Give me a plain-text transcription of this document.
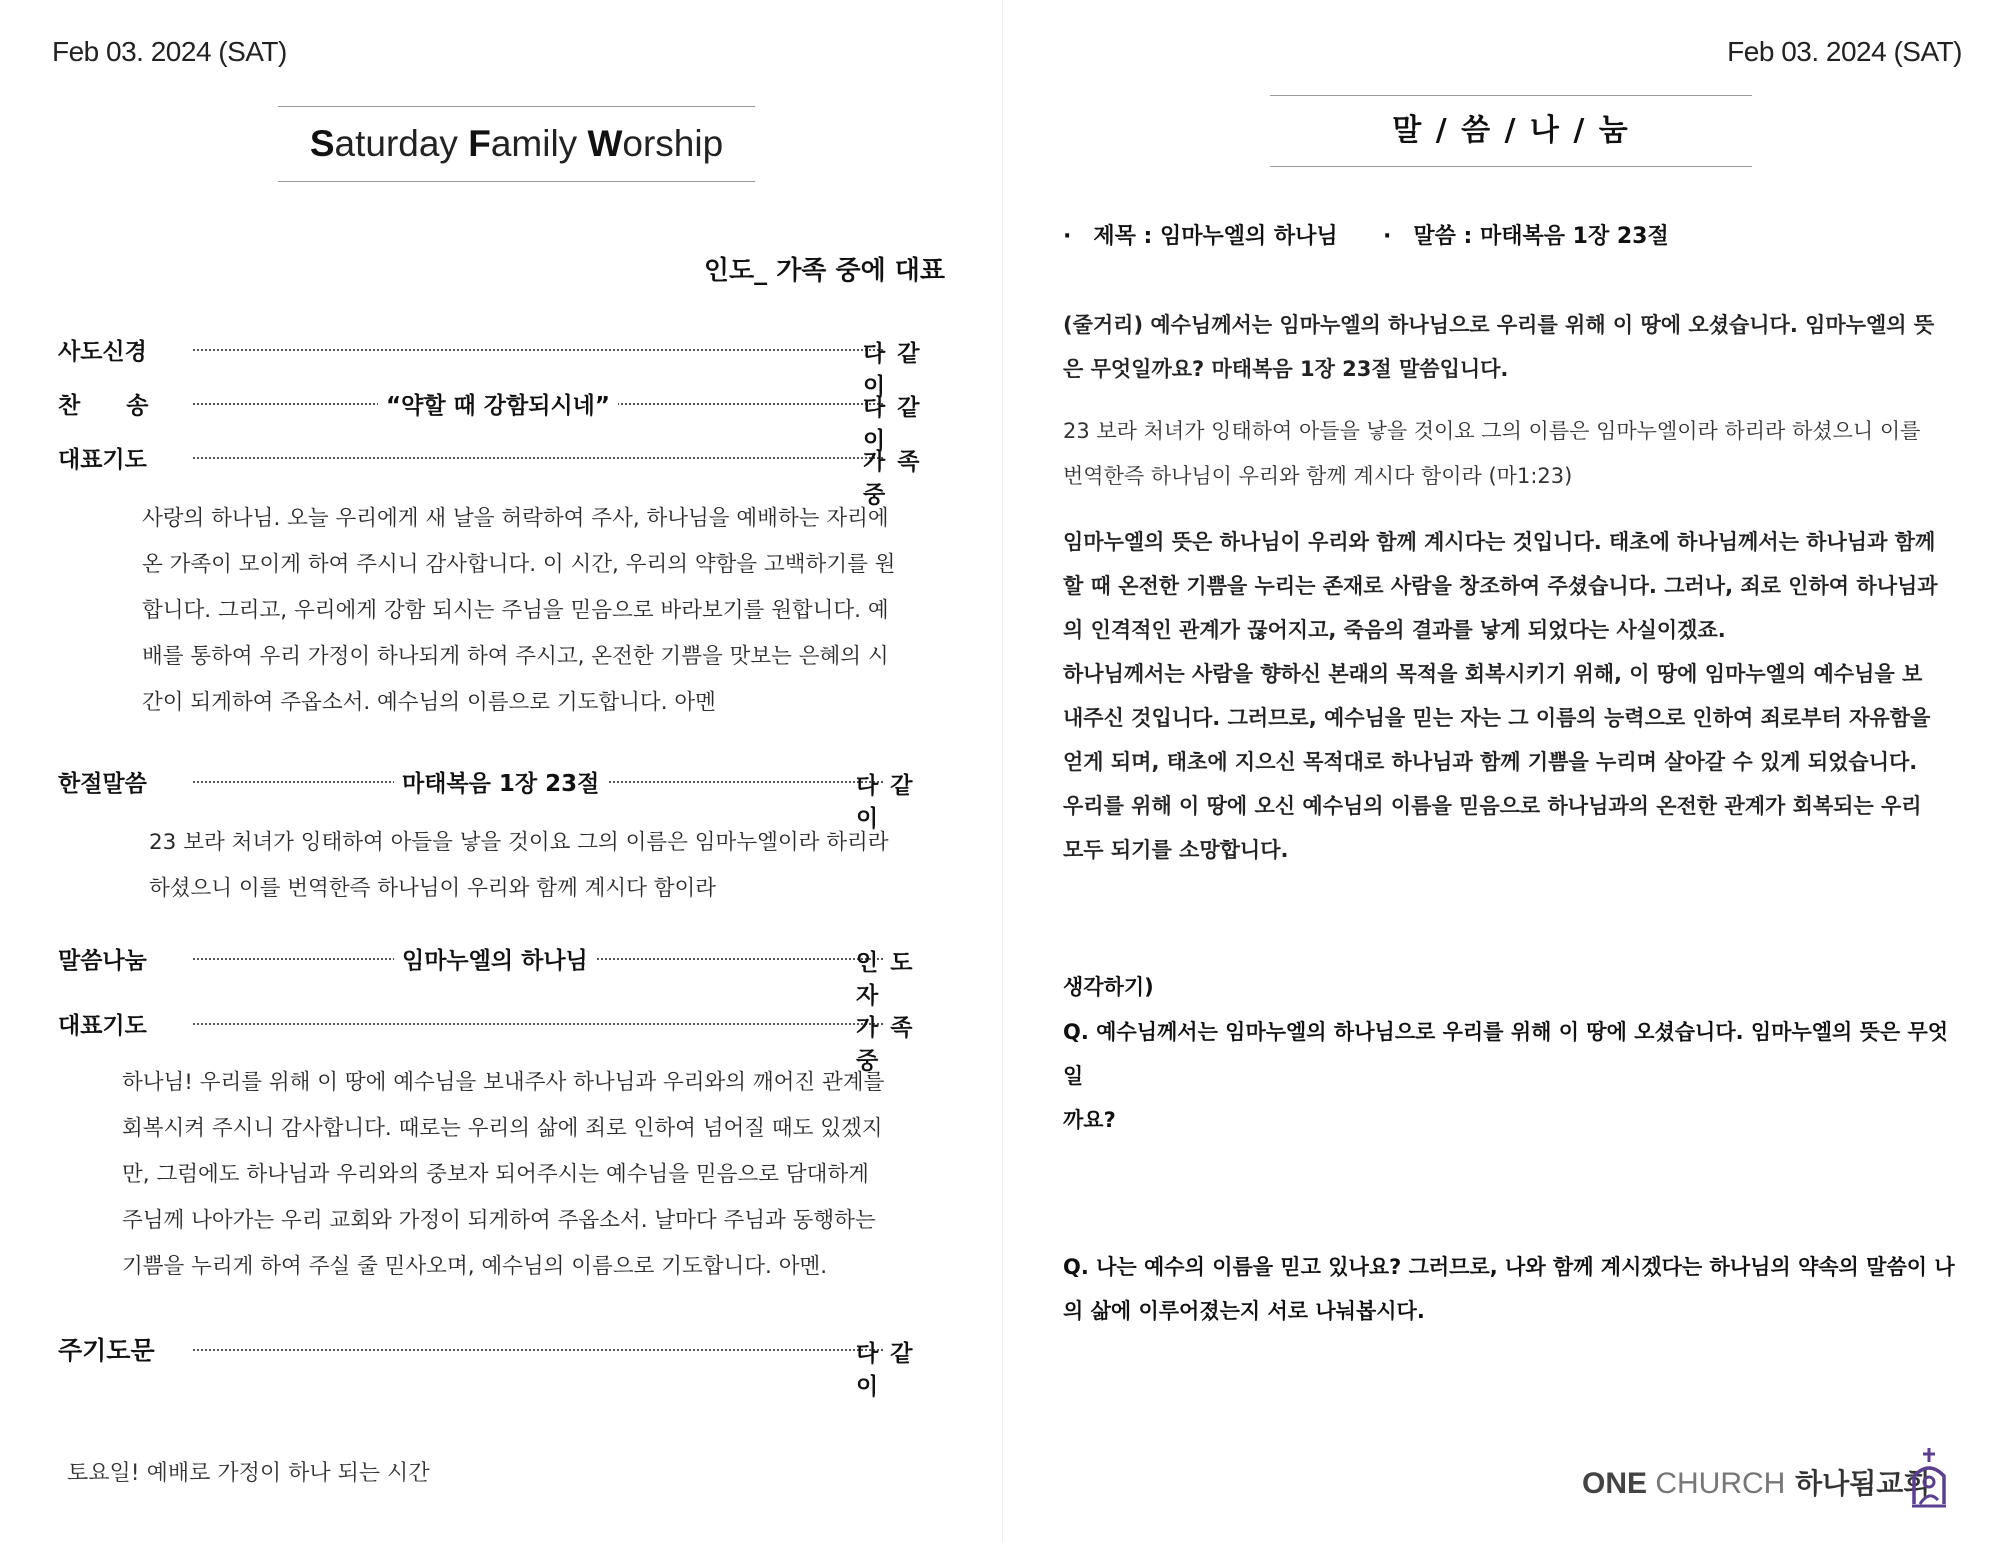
Feb 03. 2024 (SAT)
Saturday Family Worship
인도_ 가족 중에 대표
사도신경	다 같 이
찬　　송	“약할 때 강함되시네”	다 같 이
대표기도	가 족 중
사랑의 하나님. 오늘 우리에게 새 날을 허락하여 주사, 하나님을 예배하는 자리에
온 가족이 모이게 하여 주시니 감사합니다. 이 시간, 우리의 약함을 고백하기를 원
합니다. 그리고, 우리에게 강함 되시는 주님을 믿음으로 바라보기를 원합니다. 예
배를 통하여 우리 가정이 하나되게 하여 주시고, 온전한 기쁨을 맛보는 은혜의 시
간이 되게하여 주옵소서. 예수님의 이름으로 기도합니다. 아멘
한절말씀	마태복음 1장 23절	다 같 이
23 보라 처녀가 잉태하여 아들을 낳을 것이요 그의 이름은 임마누엘이라 하리라
하셨으니 이를 번역한즉 하나님이 우리와 함께 계시다 함이라
말씀나눔	임마누엘의 하나님	인 도 자
대표기도	가 족 중
하나님! 우리를 위해 이 땅에 예수님을 보내주사 하나님과 우리와의 깨어진 관계를
회복시켜 주시니 감사합니다. 때로는 우리의 삶에 죄로 인하여 넘어질 때도 있겠지
만, 그럼에도 하나님과 우리와의 중보자 되어주시는 예수님을 믿음으로 담대하게
주님께 나아가는 우리 교회와 가정이 되게하여 주옵소서. 날마다 주님과 동행하는
기쁨을 누리게 하여 주실 줄 믿사오며, 예수님의 이름으로 기도합니다. 아멘.
주기도문	다 같 이
토요일! 예배로 가정이 하나 되는 시간
Feb 03. 2024 (SAT)
말 / 씀 / 나 / 눔
·　제목 : 임마누엘의 하나님 ·　말씀 : 마태복음 1장 23절
(줄거리) 예수님께서는 임마누엘의 하나님으로 우리를 위해 이 땅에 오셨습니다. 임마누엘의 뜻
은 무엇일까요? 마태복음 1장 23절 말씀입니다.
23 보라 처녀가 잉태하여 아들을 낳을 것이요 그의 이름은 임마누엘이라 하리라 하셨으니 이를
번역한즉 하나님이 우리와 함께 계시다 함이라 (마1:23)
임마누엘의 뜻은 하나님이 우리와 함께 계시다는 것입니다. 태초에 하나님께서는 하나님과 함께
할 때 온전한 기쁨을 누리는 존재로 사람을 창조하여 주셨습니다. 그러나, 죄로 인하여 하나님과
의 인격적인 관계가 끊어지고, 죽음의 결과를 낳게 되었다는 사실이겠죠.
하나님께서는 사람을 향하신 본래의 목적을 회복시키기 위해, 이 땅에 임마누엘의 예수님을 보
내주신 것입니다. 그러므로, 예수님을 믿는 자는 그 이름의 능력으로 인하여 죄로부터 자유함을
얻게 되며, 태초에 지으신 목적대로 하나님과 함께 기쁨을 누리며 살아갈 수 있게 되었습니다.
우리를 위해 이 땅에 오신 예수님의 이름을 믿음으로 하나님과의 온전한 관계가 회복되는 우리
모두 되기를 소망합니다.
생각하기)
Q. 예수님께서는 임마누엘의 하나님으로 우리를 위해 이 땅에 오셨습니다. 임마누엘의 뜻은 무엇일
까요?
Q. 나는 예수의 이름을 믿고 있나요? 그러므로, 나와 함께 계시겠다는 하나님의 약속의 말씀이 나
의 삶에 이루어졌는지 서로 나눠봅시다.
ONE CHURCH 하나됨교회
